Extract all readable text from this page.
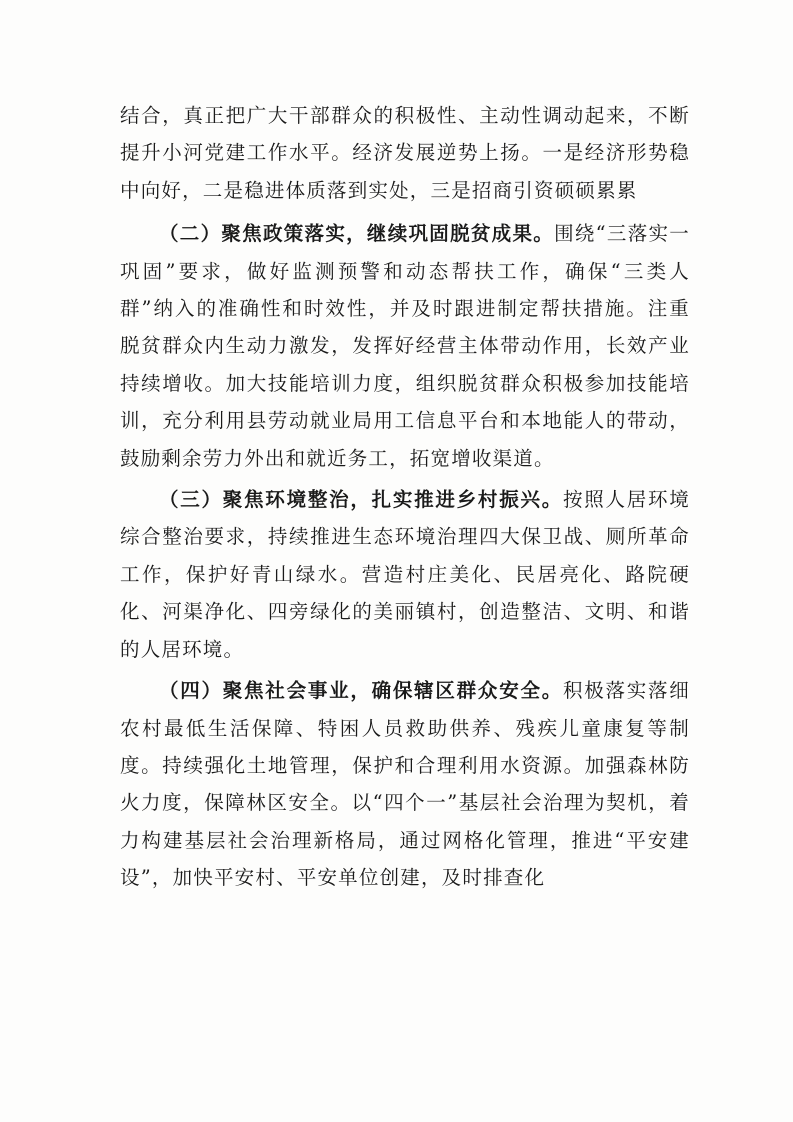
结合，真正把广大干部群众的积极性、主动性调动起来，不断提升小河党建工作水平。经济发展逆势上扬。一是经济形势稳中向好，二是稳进体质落到实处，三是招商引资硕硕累累

（二）聚焦政策落实，继续巩固脱贫成果。围绕“三落实一巩固”要求，做好监测预警和动态帮扶工作，确保“三类人群”纳入的准确性和时效性，并及时跟进制定帮扶措施。注重脱贫群众内生动力激发，发挥好经营主体带动作用，长效产业持续增收。加大技能培训力度，组织脱贫群众积极参加技能培训，充分利用县劳动就业局用工信息平台和本地能人的带动，鼓励剩余劳力外出和就近务工，拓宽增收渠道。

（三）聚焦环境整治，扎实推进乡村振兴。按照人居环境综合整治要求，持续推进生态环境治理四大保卫战、厕所革命工作，保护好青山绿水。营造村庄美化、民居亮化、路院硬化、河渠净化、四旁绿化的美丽镇村，创造整洁、文明、和谐的人居环境。

（四）聚焦社会事业，确保辖区群众安全。积极落实落细农村最低生活保障、特困人员救助供养、残疾儿童康复等制度。持续强化土地管理，保护和合理利用水资源。加强森林防火力度，保障林区安全。以“四个一”基层社会治理为契机，着力构建基层社会治理新格局，通过网格化管理，推进“平安建设”，加快平安村、平安单位创建，及时排查化
